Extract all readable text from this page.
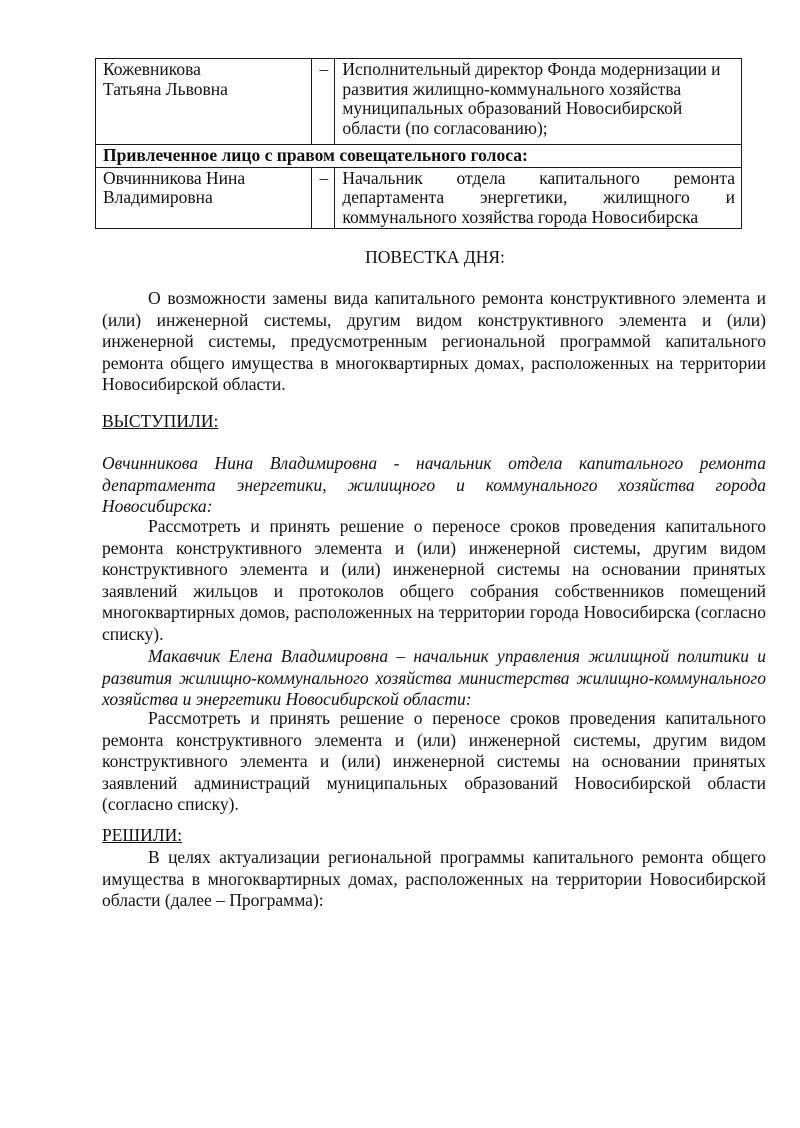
Кожевникова
Татьяна Львовна	–	Исполнительный директор Фонда модернизации и развития жилищно-коммунального хозяйства муниципальных образований Новосибирской области (по согласованию);
Привлеченное лицо с правом совещательного голоса:		

Овчинникова Нина
Владимировна	–	Начальник отдела капитального ремонта департамента энергетики, жилищного и коммунального хозяйства города Новосибирска
ПОВЕСТКА ДНЯ:
О возможности замены вида капитального ремонта конструктивного элемента и (или) инженерной системы, другим видом конструктивного элемента и (или) инженерной системы, предусмотренным региональной программой капитального ремонта общего имущества в многоквартирных домах, расположенных на территории Новосибирской области.
ВЫСТУПИЛИ:
Овчинникова Нина Владимировна - начальник отдела капитального ремонта департамента энергетики, жилищного и коммунального хозяйства города Новосибирска:
Рассмотреть и принять решение о переносе сроков проведения капитального ремонта конструктивного элемента и (или) инженерной системы, другим видом конструктивного элемента и (или) инженерной системы на основании принятых заявлений жильцов и протоколов общего собрания собственников помещений многоквартирных домов, расположенных на территории города Новосибирска (согласно списку).
Макавчик Елена Владимировна – начальник управления жилищной политики и развития жилищно-коммунального хозяйства министерства жилищно-коммунального хозяйства и энергетики Новосибирской области:
Рассмотреть и принять решение о переносе сроков проведения капитального ремонта конструктивного элемента и (или) инженерной системы, другим видом конструктивного элемента и (или) инженерной системы на основании принятых заявлений администраций муниципальных образований Новосибирской области (согласно списку).
РЕШИЛИ:
В целях актуализации региональной программы капитального ремонта общего имущества в многоквартирных домах, расположенных на территории Новосибирской области (далее – Программа):
